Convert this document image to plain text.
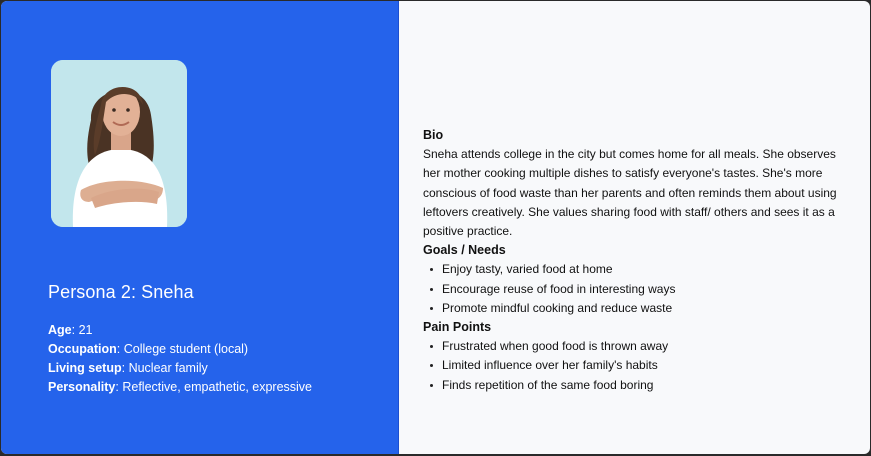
Persona 2: Sneha
Age: 21
Occupation: College student (local)
Living setup: Nuclear family
Personality: Reflective, empathetic, expressive
Bio

Sneha attends college in the city but comes home for all meals. She observes her mother cooking multiple dishes to satisfy everyone's tastes. She's more conscious of food waste than her parents and often reminds them about using leftovers creatively. She values sharing food with staff/ others and sees it as a positive practice.

Goals / Needs
Enjoy tasty, varied food at home
Encourage reuse of food in interesting ways
Promote mindful cooking and reduce waste
Pain Points
Frustrated when good food is thrown away
Limited influence over her family's habits
Finds repetition of the same food boring
